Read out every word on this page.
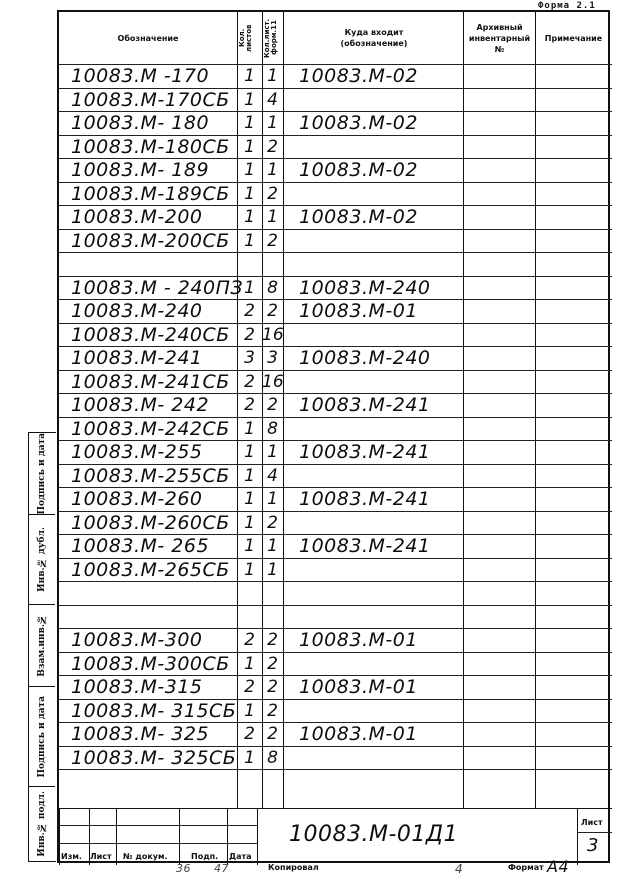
Форма 2.1
Подпись и дата
Инв.№ дубл.
Взам.инв.№
Подпись и дата
Инв.№ подл.
Обозначение	Кол. листов	Кол.лист. форм.11	Куда входит (обозначение)
Архивный инвентарный №
Примечание
10083.М -170	1 1 10083.М-02
10083.М-170СБ 1 4
10083.М- 180	1 1 10083.М-02
10083.М-180СБ 1 2
10083.М- 189	1 1 10083.М-02
10083.М-189СБ 1 2
10083.М-200	1 1 10083.М-02
10083.М-200СБ 1 2
10083.М - 240ПЗ 1 8 10083.М-240
10083.М-240	2 2 10083.М-01
10083.М-240СБ 2 16
10083.М-241	3 3 10083.М-240
10083.М-241СБ 2 16
10083.М- 242	2 2 10083.М-241
10083.М-242СБ 1 8
10083.М-255	1 1 10083.М-241
10083.М-255СБ 1 4
10083.М-260	1 1 10083.М-241
10083.М-260СБ 1 2
10083.М- 265	1 1 10083.М-241
10083.М-265СБ 1 1
10083.М-300	2 2 10083.М-01
10083.М-300СБ 1 2
10083.М-315	2 2 10083.М-01
10083.М- 315СБ 1 2
10083.М- 325	2 2 10083.М-01
10083.М- 325СБ 1 8
Изм. Лист № докум.	Подп. Дата
10083.М-01Д1	Лист
3
Копировал	Формат А4
36 47	4
